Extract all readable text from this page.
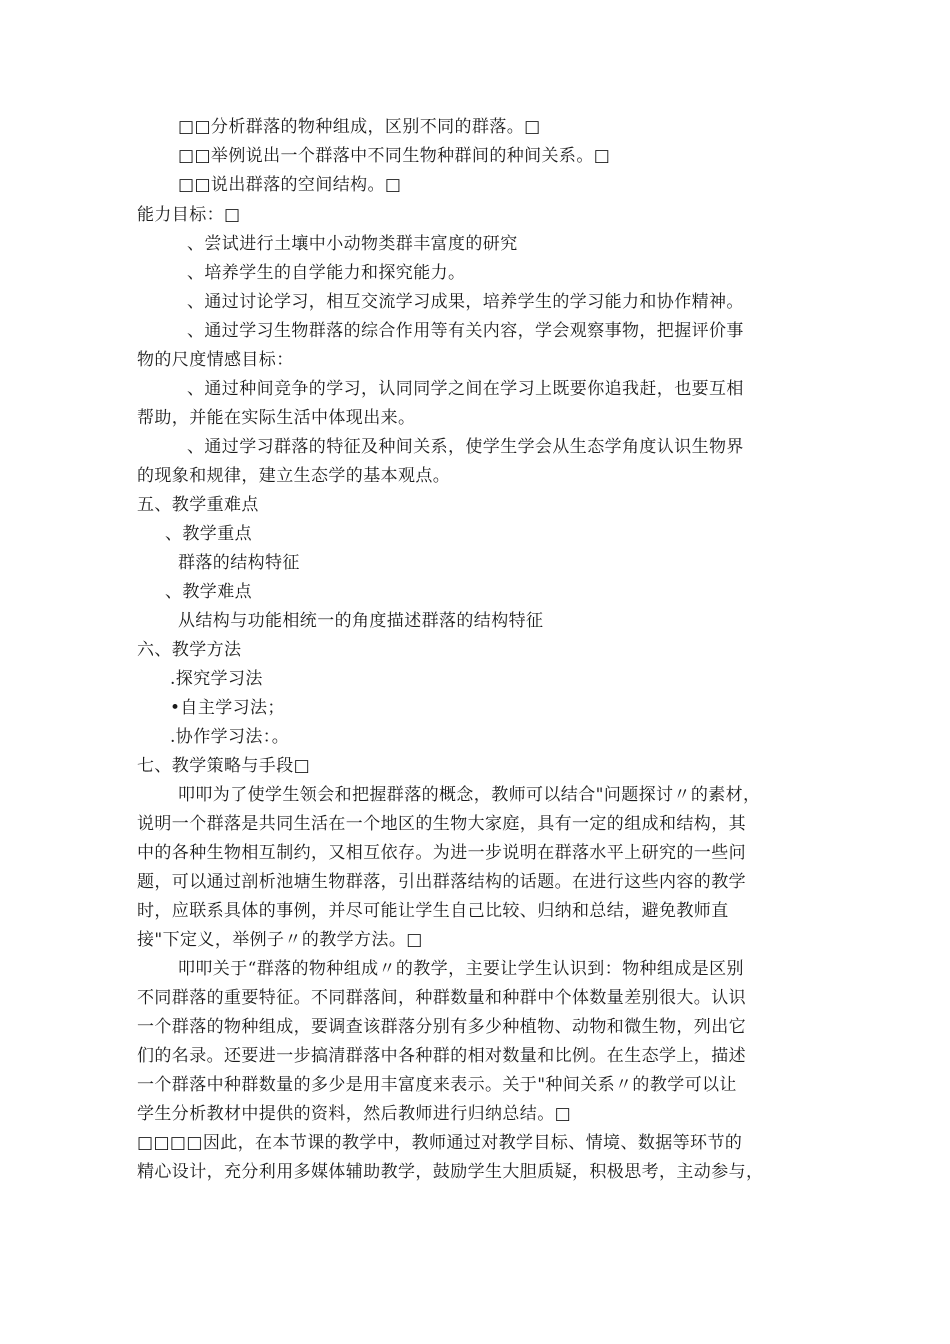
□□分析群落的物种组成，区别不同的群落。□
□□举例说出一个群落中不同生物种群间的种间关系。□
□□说出群落的空间结构。□
能力目标：□
、尝试进行土壤中小动物类群丰富度的研究
、培养学生的自学能力和探究能力。
、通过讨论学习，相互交流学习成果，培养学生的学习能力和协作精神。
、通过学习生物群落的综合作用等有关内容，学会观察事物，把握评价事
物的尺度情感目标：
、通过种间竞争的学习，认同同学之间在学习上既要你追我赶，也要互相
帮助，并能在实际生活中体现出来。
、通过学习群落的特征及种间关系，使学生学会从生态学角度认识生物界
的现象和规律，建立生态学的基本观点。
五、教学重难点
、教学重点
群落的结构特征
、教学难点
从结构与功能相统一的角度描述群落的结构特征
六、教学方法
.探究学习法
•自主学习法；
.协作学习法：。
七、教学策略与手段□
叩叩为了使学生领会和把握群落的概念，教师可以结合"问题探讨〃的素材，
说明一个群落是共同生活在一个地区的生物大家庭，具有一定的组成和结构，其
中的各种生物相互制约，又相互依存。为进一步说明在群落水平上研究的一些问
题，可以通过剖析池塘生物群落，引出群落结构的话题。在进行这些内容的教学
时，应联系具体的事例，并尽可能让学生自己比较、归纳和总结，避免教师直
接"下定义，举例子〃的教学方法。□
叩叩关于“群落的物种组成〃的教学，主要让学生认识到：物种组成是区别
不同群落的重要特征。不同群落间，种群数量和种群中个体数量差别很大。认识
一个群落的物种组成，要调查该群落分别有多少种植物、动物和微生物，列出它
们的名录。还要进一步搞清群落中各种群的相对数量和比例。在生态学上，描述
一个群落中种群数量的多少是用丰富度来表示。关于"种间关系〃的教学可以让
学生分析教材中提供的资料，然后教师进行归纳总结。□
□□□□因此，在本节课的教学中，教师通过对教学目标、情境、数据等环节的
精心设计，充分利用多媒体辅助教学，鼓励学生大胆质疑，积极思考，主动参与，
